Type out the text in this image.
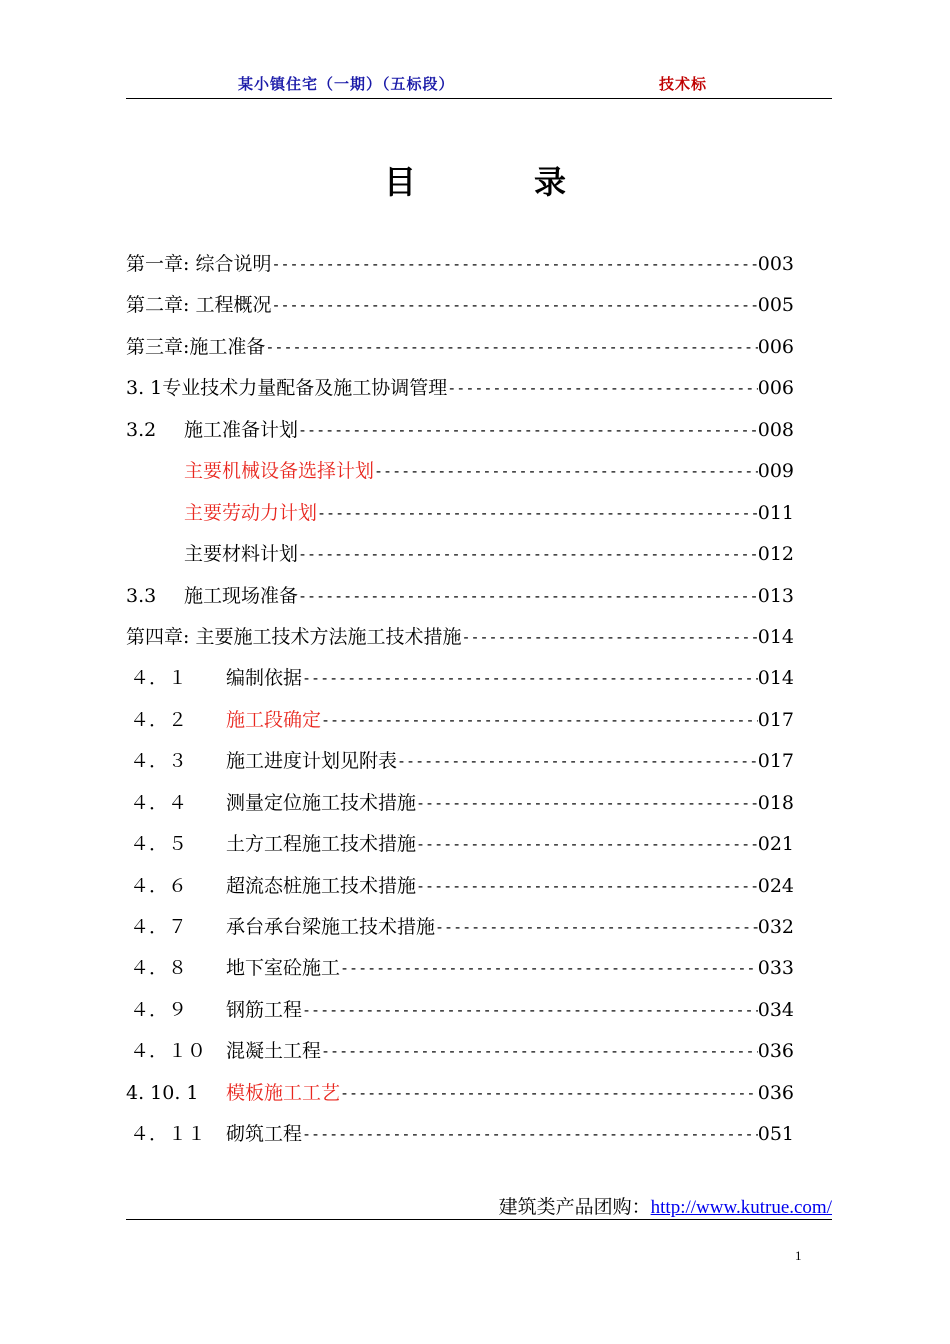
某小镇住宅（一期）（五标段）	技术标
目	录
第一章: 综合说明 -----	003
第二章: 工程概况 -----	005
第三章:施工准备 -----	006
3. 1专业技术力量配备及施工协调管理 -----	006
3.2	施工准备计划 -----	008
主要机械设备选择计划 -----	009
主要劳动力计划 -----	011
主要材料计划 -----	012
3.3	施工现场准备 -----	013
第四章: 主要施工技术方法施工技术措施 -----	014
４．１	编制依据 -----	014
４．２	施工段确定 -----	017
４．３	施工进度计划见附表 -----	017
４．４	测量定位施工技术措施 -----	018
４．５	土方工程施工技术措施 -----	021
４．６	超流态桩施工技术措施 -----	024
４．７	承台承台梁施工技术措施 -----	032
４．８	地下室砼施工 -----	033
４．９	钢筋工程 -----	034
４．１０	混凝土工程 -----	036
4. 10. 1	模板施工工艺 -----	036
４．１１	砌筑工程 -----	051
建筑类产品团购：http://www.kutrue.com/
1
